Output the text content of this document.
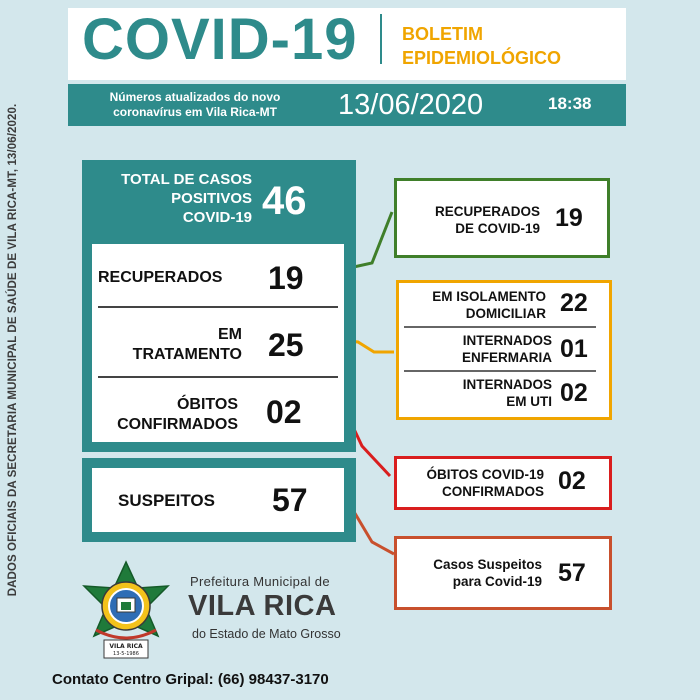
DADOS OFICIAIS DA SECRETARIA MUNICIPAL DE SAÚDE DE VILA RICA-MT, 13/06/2020.
COVID-19 BOLETIM
EPIDEMIOLÓGICO
Números atualizados do novo
coronavírus em Vila Rica-MT	13/06/2020	18:38
TOTAL DE CASOS
POSITIVOS
COVID-19 46
RECUPERADOS 19
EM
TRATAMENTO 25
ÓBITOS
CONFIRMADOS 02
SUSPEITOS 57
RECUPERADOS
DE COVID-19 19
EM ISOLAMENTO
DOMICILIAR 22
INTERNADOS
ENFERMARIA 01
INTERNADOS
EM UTI 02
ÓBITOS COVID-19
CONFIRMADOS 02
Casos Suspeitos
para Covid-19 57
VILA RICA
13-5-1986
Prefeitura Municipal de
VILA RICA
do Estado de Mato Grosso
Contato Centro Gripal: (66) 98437-3170
